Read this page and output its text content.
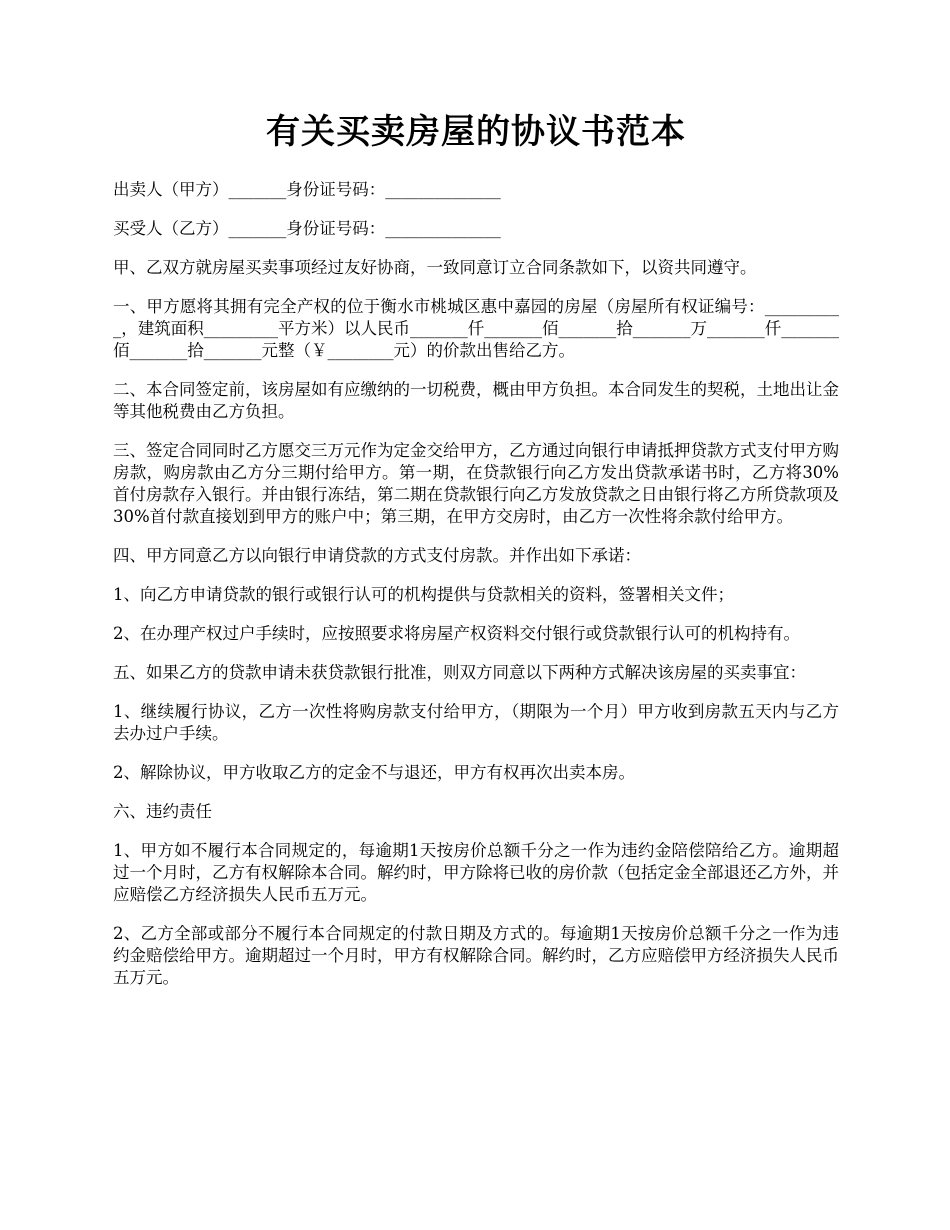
有关买卖房屋的协议书范本

出卖人（甲方）_______身份证号码：______________

买受人（乙方）_______身份证号码：______________

甲、乙双方就房屋买卖事项经过友好协商，一致同意订立合同条款如下，以资共同遵守。

一、甲方愿将其拥有完全产权的位于衡水市桃城区惠中嘉园的房屋（房屋所有权证编号：__________，建筑面积_________平方米）以人民币_______仟_______佰_______拾_______万_______仟_______佰_______拾_______元整（￥________元）的价款出售给乙方。

二、本合同签定前，该房屋如有应缴纳的一切税费，概由甲方负担。本合同发生的契税，土地出让金等其他税费由乙方负担。

三、签定合同同时乙方愿交三万元作为定金交给甲方，乙方通过向银行申请抵押贷款方式支付甲方购房款，购房款由乙方分三期付给甲方。第一期，在贷款银行向乙方发出贷款承诺书时，乙方将30%首付房款存入银行。并由银行冻结，第二期在贷款银行向乙方发放贷款之日由银行将乙方所贷款项及30%首付款直接划到甲方的账户中；第三期，在甲方交房时，由乙方一次性将余款付给甲方。

四、甲方同意乙方以向银行申请贷款的方式支付房款。并作出如下承诺：

1、向乙方申请贷款的银行或银行认可的机构提供与贷款相关的资料，签署相关文件；

2、在办理产权过户手续时，应按照要求将房屋产权资料交付银行或贷款银行认可的机构持有。

五、如果乙方的贷款申请未获贷款银行批准，则双方同意以下两种方式解决该房屋的买卖事宜：

1、继续履行协议，乙方一次性将购房款支付给甲方，（期限为一个月）甲方收到房款五天内与乙方去办过户手续。

2、解除协议，甲方收取乙方的定金不与退还，甲方有权再次出卖本房。

六、违约责任

1、甲方如不履行本合同规定的，每逾期1天按房价总额千分之一作为违约金陪偿陪给乙方。逾期超过一个月时，乙方有权解除本合同。解约时，甲方除将已收的房价款（包括定金全部退还乙方外，并应赔偿乙方经济损失人民币五万元。

2、乙方全部或部分不履行本合同规定的付款日期及方式的。每逾期1天按房价总额千分之一作为违约金赔偿给甲方。逾期超过一个月时，甲方有权解除合同。解约时，乙方应赔偿甲方经济损失人民币五万元。
